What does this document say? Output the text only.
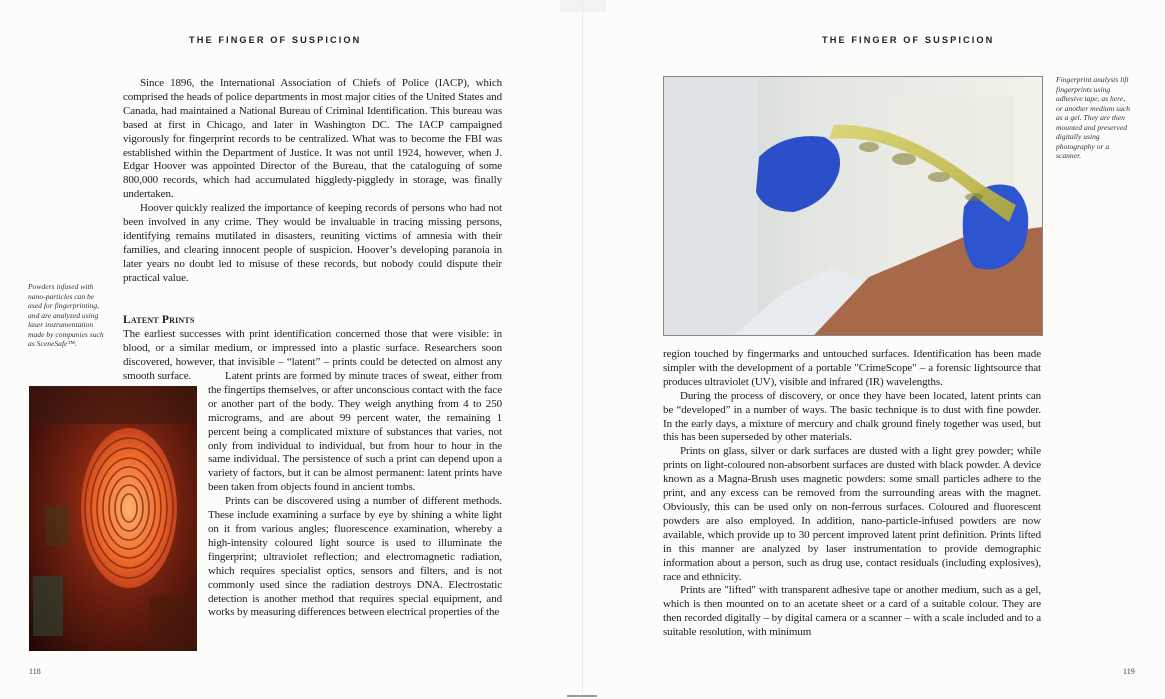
THE FINGER OF SUSPICION

Since 1896, the International Association of Chiefs of Police (IACP), which comprised the heads of police departments in most major cities of the United States and Canada, had maintained a National Bureau of Criminal Identification. This bureau was based at first in Chicago, and later in Washington DC. The IACP campaigned vigorously for fingerprint records to be centralized. What was to become the FBI was established within the Department of Justice. It was not until 1924, however, when J. Edgar Hoover was appointed Director of the Bureau, that the cataloguing of some 800,000 records, which had accumulated higgledy-piggledy in storage, was finally undertaken.

Hoover quickly realized the importance of keeping records of persons who had not been involved in any crime. They would be invaluable in tracing missing persons, identifying remains mutilated in disasters, reuniting victims of amnesia with their families, and clearing innocent people of suspicion. Hoover’s developing paranoia in later years no doubt led to misuse of these records, but nobody could dispute their practical value.

Latent Prints

The earliest successes with print identification concerned those that were visible: in blood, or a similar medium, or impressed into a plastic surface. Researchers soon discovered, however, that invisible – “latent” – prints could be detected on almost any smooth surface.	Latent prints are formed by minute traces of sweat, either from the fingertips themselves, or after unconscious contact with the face or another part of the body. They weigh anything from 4 to 250 micrograms, and are about 99 percent water, the remaining 1 percent being a complicated mixture of substances that varies, not only from individual to individual, but from hour to hour in the same individual. The persistence of such a print can depend upon a variety of factors, but it can be almost permanent: latent prints have been taken from objects found in ancient tombs.

Prints can be discovered using a number of different methods. These include examining a surface by eye by shining a white light on it from various angles; fluorescence examination, whereby a high-intensity coloured light source is used to illuminate the fingerprint; ultraviolet reflection; and electromagnetic radiation, which requires specialist optics, sensors and filters, and is not commonly used since the radiation destroys DNA. Electrostatic detection is another method that requires special equipment, and works by measuring differences between electrical properties of the

Powders infused with nano-particles can be used for fingerprinting, and are analyzed using laser instrumentation made by companies such as SceneSafe™.

118

THE FINGER OF SUSPICION

Fingerprint analysts lift fingerprints using adhesive tape, as here, or another medium such as a gel. They are then mounted and preserved digitally using photography or a scanner.

region touched by fingermarks and untouched surfaces. Identification has been made simpler with the development of a portable "CrimeScope" – a forensic lightsource that produces ultraviolet (UV), visible and infrared (IR) wavelengths.

During the process of discovery, or once they have been located, latent prints can be “developed” in a number of ways. The basic technique is to dust with fine powder. In the early days, a mixture of mercury and chalk ground finely together was used, but this has been superseded by other materials.

Prints on glass, silver or dark surfaces are dusted with a light grey powder; while prints on light-coloured non-absorbent surfaces are dusted with black powder. A device known as a Magna-Brush uses magnetic powders: some small particles adhere to the print, and any excess can be removed from the surrounding areas with the magnet. Obviously, this can be used only on non-ferrous surfaces. Coloured and fluorescent powders are also employed. In addition, nano-particle-infused powders are now available, which provide up to 30 percent improved latent print definition. Prints lifted in this manner are analyzed by laser instrumentation to provide demographic information about a person, such as drug use, contact residuals (including explosives), race and ethnicity.

Prints are "lifted" with transparent adhesive tape or another medium, such as a gel, which is then mounted on to an acetate sheet or a card of a suitable colour. They are then recorded digitally – by digital camera or a scanner – with a scale included and to a suitable resolution, with minimum

119
